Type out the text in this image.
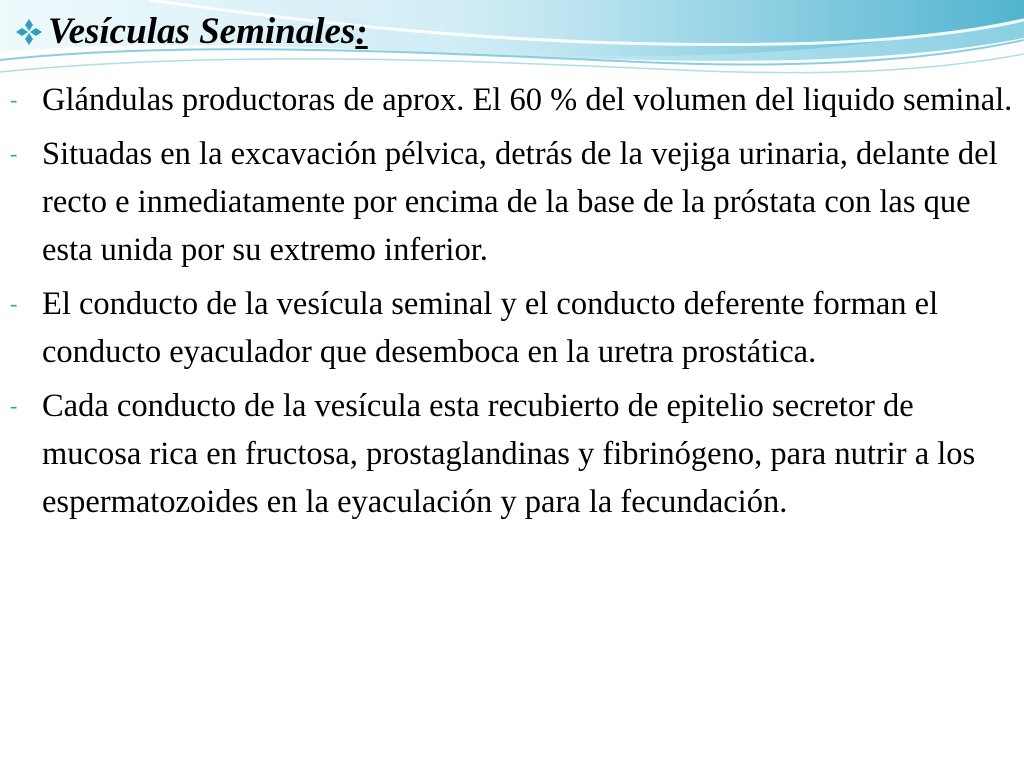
Vesículas Seminales :
- Glándulas productoras de aprox. El 60 % del volumen del liquido seminal.
- Situadas en la excavación pélvica, detrás de la vejiga urinaria, delante del recto e inmediatamente por encima de la base de la próstata con las que esta unida por su extremo inferior.
- El conducto de la vesícula seminal y el conducto deferente forman el conducto eyaculador que desemboca en la uretra prostática.
- Cada conducto de la vesícula esta recubierto de epitelio secretor de mucosa rica en fructosa, prostaglandinas y fibrinógeno, para nutrir a los espermatozoides en la eyaculación y para la fecundación.
